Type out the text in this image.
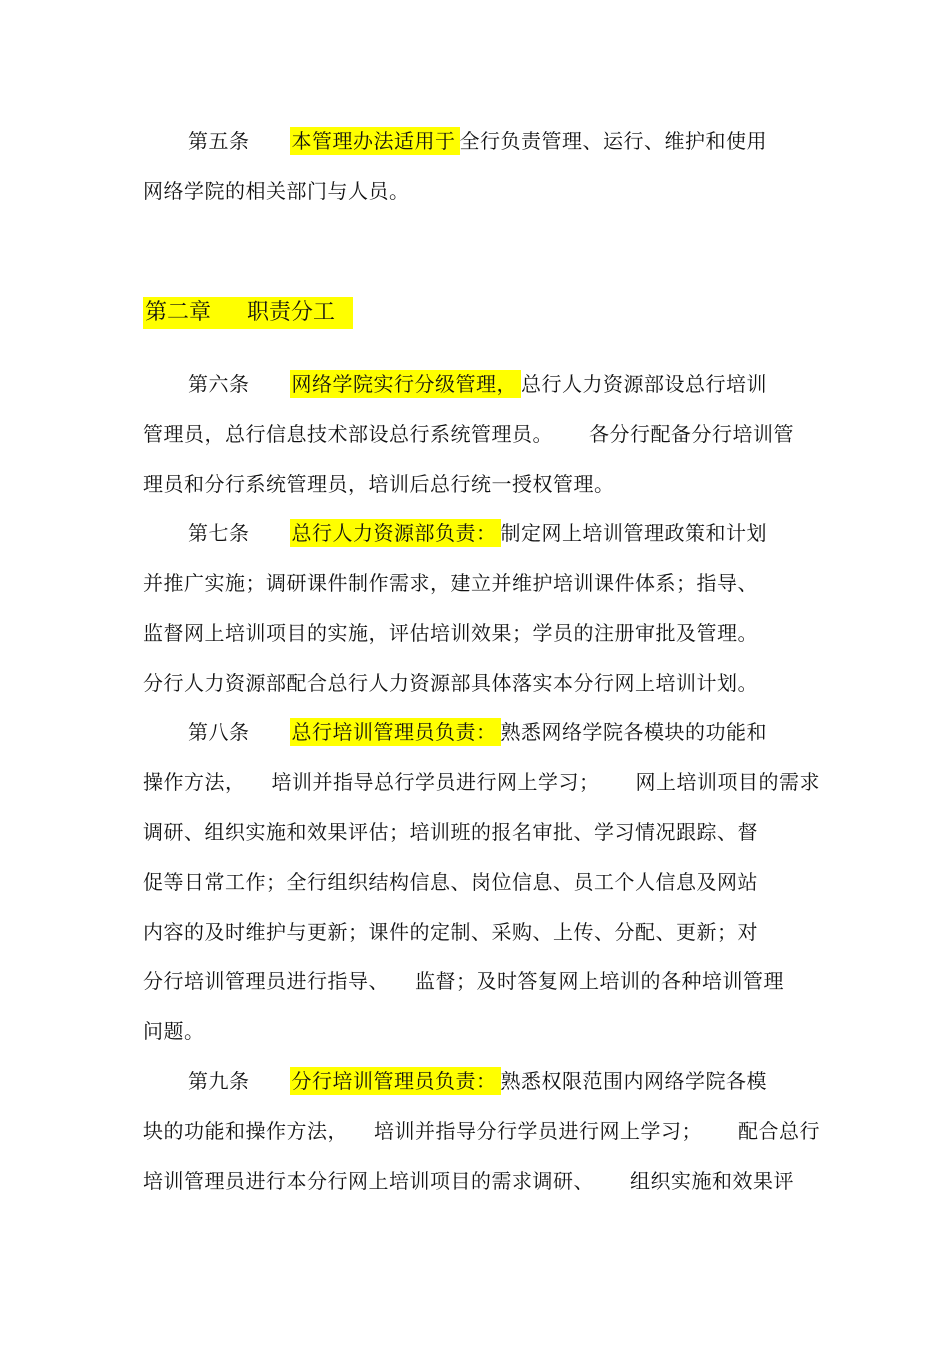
第五条 本管理办法适用于 全行负责管理、运行、维护和使用
网络学院的相关部门与人员。
第二章 职责分工
第六条 网络学院实行分级管理， 总行人力资源部设总行培训
管理员，总行信息技术部设总行系统管理员。 各分行配备分行培训管
理员和分行系统管理员，培训后总行统一授权管理。
第七条 总行人力资源部负责： 制定网上培训管理政策和计划
并推广实施；调研课件制作需求，建立并维护培训课件体系；指导、
监督网上培训项目的实施，评估培训效果；学员的注册审批及管理。
分行人力资源部配合总行人力资源部具体落实本分行网上培训计划。
第八条 总行培训管理员负责： 熟悉网络学院各模块的功能和
操作方法， 培训并指导总行学员进行网上学习； 网上培训项目的需求
调研、组织实施和效果评估；培训班的报名审批、学习情况跟踪、督
促等日常工作；全行组织结构信息、岗位信息、员工个人信息及网站
内容的及时维护与更新；课件的定制、采购、上传、分配、更新；对
分行培训管理员进行指导、 监督；及时答复网上培训的各种培训管理
问题。
第九条 分行培训管理员负责： 熟悉权限范围内网络学院各模
块的功能和操作方法， 培训并指导分行学员进行网上学习； 配合总行
培训管理员进行本分行网上培训项目的需求调研、 组织实施和效果评
